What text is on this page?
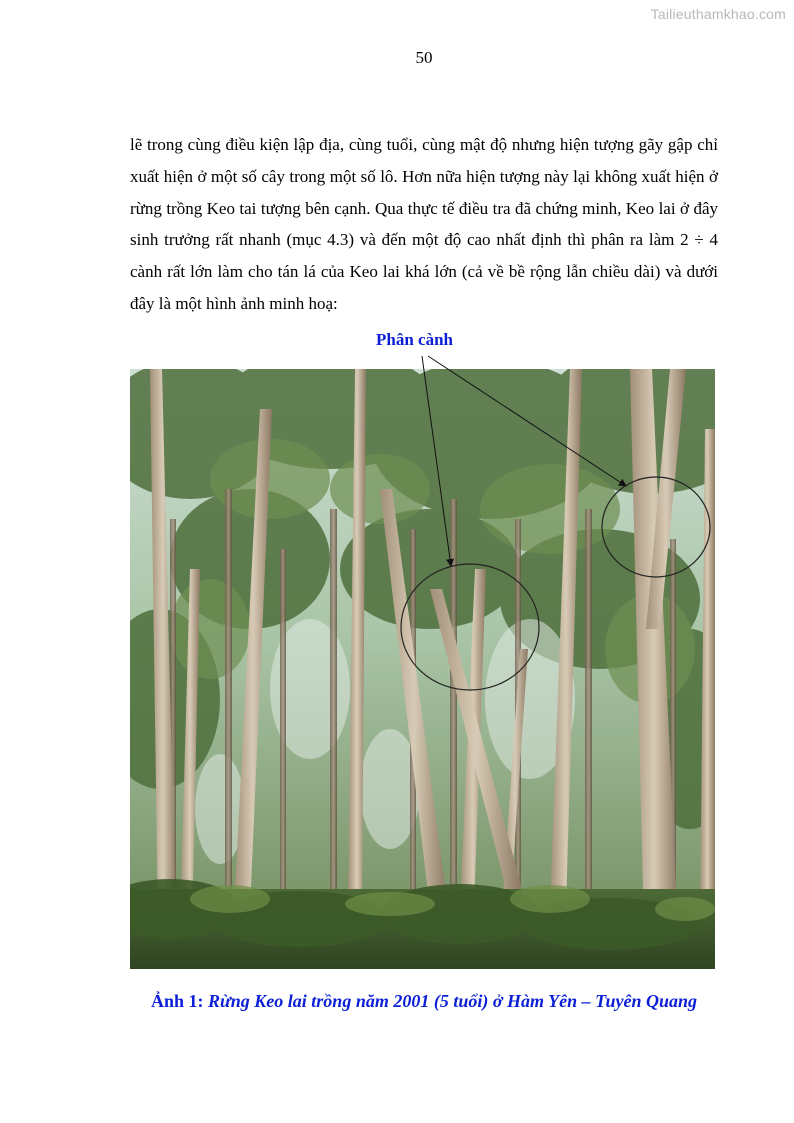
Tailieuthamkhao.com
50

lẽ trong cùng điều kiện lập địa, cùng tuổi, cùng mật độ nhưng hiện tượng gãy gập chỉ xuất hiện ở một số cây trong một số lô. Hơn nữa hiện tượng này lại không xuất hiện ở rừng trồng Keo tai tượng bên cạnh. Qua thực tế điều tra đã chứng minh, Keo lai ở đây sinh trưởng rất nhanh (mục 4.3) và đến một độ cao nhất định thì phân ra làm 2 ÷ 4 cành rất lớn làm cho tán lá của Keo lai khá lớn (cả về bề rộng lẫn chiều dài) và dưới đây là một hình ảnh minh hoạ:

Phân cành
Ảnh 1: Rừng Keo lai trồng năm 2001 (5 tuổi) ở Hàm Yên – Tuyên Quang
